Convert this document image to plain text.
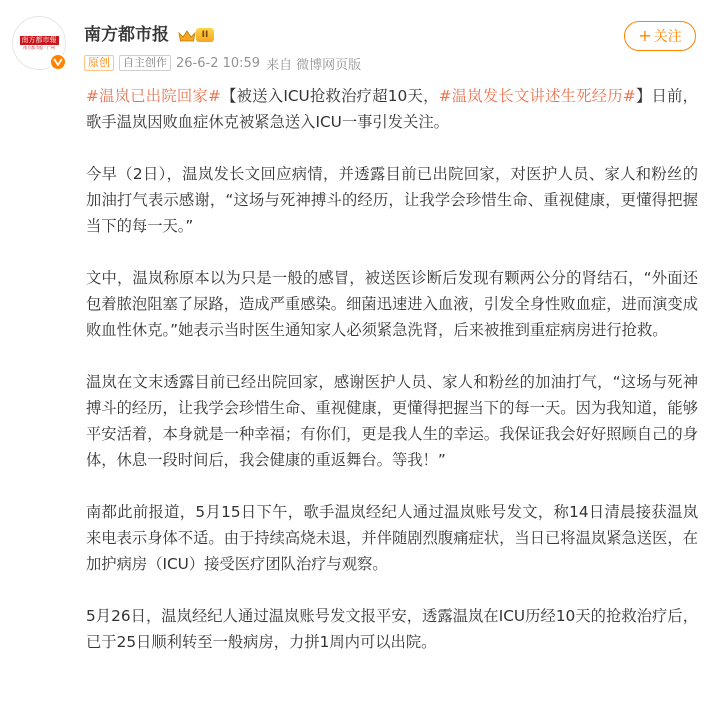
南方都市報
南方都市报 · 广州
南方都市报	II
原创	自主创作 26-6-2 10:59 来自 微博网页版
+ 关注

#温岚已出院回家#【被送入ICU抢救治疗超10天，#温岚发长文讲述生死经历#】日前，歌手温岚因败血症休克被紧急送入ICU一事引发关注。

今早（2日），温岚发长文回应病情，并透露目前已出院回家，对医护人员、家人和粉丝的加油打气表示感谢，“这场与死神搏斗的经历，让我学会珍惜生命、重视健康，更懂得把握当下的每一天。”

文中，温岚称原本以为只是一般的感冒，被送医诊断后发现有颗两公分的肾结石，“外面还包着脓泡阻塞了尿路，造成严重感染。细菌迅速进入血液，引发全身性败血症，进而演变成败血性休克。”她表示当时医生通知家人必须紧急洗肾，后来被推到重症病房进行抢救。

温岚在文末透露目前已经出院回家，感谢医护人员、家人和粉丝的加油打气，“这场与死神搏斗的经历，让我学会珍惜生命、重视健康，更懂得把握当下的每一天。因为我知道，能够平安活着，本身就是一种幸福；有你们，更是我人生的幸运。我保证我会好好照顾自己的身体，休息一段时间后，我会健康的重返舞台。等我！”

南都此前报道，5月15日下午，歌手温岚经纪人通过温岚账号发文，称14日清晨接获温岚来电表示身体不适。由于持续高烧未退，并伴随剧烈腹痛症状，当日已将温岚紧急送医，在加护病房（ICU）接受医疗团队治疗与观察。

5月26日，温岚经纪人通过温岚账号发文报平安，透露温岚在ICU历经10天的抢救治疗后，已于25日顺利转至一般病房，力拼1周内可以出院。
